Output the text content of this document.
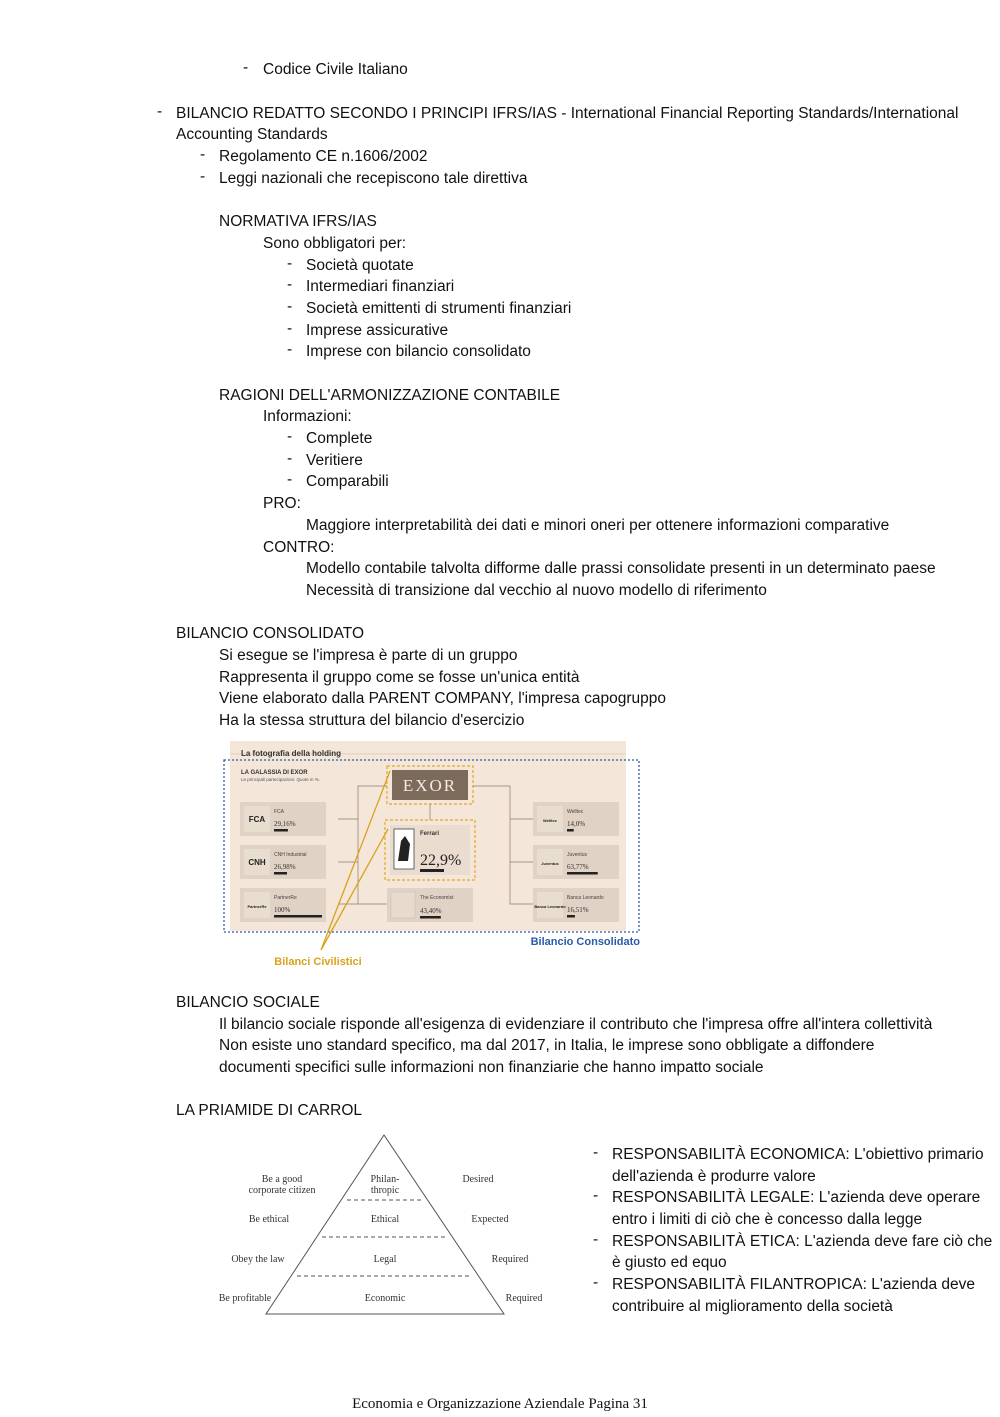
- Codice Civile Italiano
- BILANCIO REDATTO SECONDO I PRINCIPI IFRS/IAS - International Financial Reporting Standards/International
Accounting Standards
- Regolamento CE n.1606/2002
- Leggi nazionali che recepiscono tale direttiva
NORMATIVA IFRS/IAS
Sono obbligatori per:
- Società quotate
- Intermediari finanziari
- Società emittenti di strumenti finanziari
- Imprese assicurative
- Imprese con bilancio consolidato
RAGIONI DELL'ARMONIZZAZIONE CONTABILE
Informazioni:
- Complete
- Veritiere
- Comparabili
PRO:
Maggiore interpretabilità dei dati e minori oneri per ottenere informazioni comparative
CONTRO:
Modello contabile talvolta difforme dalle prassi consolidate presenti in un determinato paese
Necessità di transizione dal vecchio al nuovo modello di riferimento
BILANCIO CONSOLIDATO
Si esegue se l'impresa è parte di un gruppo
Rappresenta il gruppo come se fosse un'unica entità
Viene elaborato dalla PARENT COMPANY, l'impresa capogruppo
Ha la stessa struttura del bilancio d'esercizio
La fotografia della holding
LA GALASSIA DI EXOR
Le principali partecipazioni. Quote in %.	EXOR
Ferrari
22,9%
FCA
FCA
29,16%
CNH
CNH Industrial
26,98%
PartnerRe
PartnerRe
100%
Welltec
Welltec
14,0%
Juventus
Juventus
63,77%
Banca Leonardo
Banca Leonardo
16,51%
The Economist
43,40%
Bilancio Consolidato
Bilanci Civilistici
BILANCIO SOCIALE
Il bilancio sociale risponde all'esigenza di evidenziare il contributo che l'impresa offre all'intera collettività
Non esiste uno standard specifico, ma dal 2017, in Italia, le imprese sono obbligate a diffondere
documenti specifici sulle informazioni non finanziarie che hanno impatto sociale
LA PRIAMIDE DI CARROL
Be a good
corporate citizen
Be ethical
Obey the law
Be profitable
Philan-
thropic
Ethical
Legal
Economic
Desired
Expected
Required
Required
- RESPONSABILITÀ ECONOMICA: L'obiettivo primario
dell'azienda è produrre valore
- RESPONSABILITÀ LEGALE: L'azienda deve operare
entro i limiti di ciò che è concesso dalla legge
- RESPONSABILITÀ ETICA: L'azienda deve fare ciò che
è giusto ed equo
- RESPONSABILITÀ FILANTROPICA: L'azienda deve
contribuire al miglioramento della società
Economia e Organizzazione Aziendale Pagina 31
